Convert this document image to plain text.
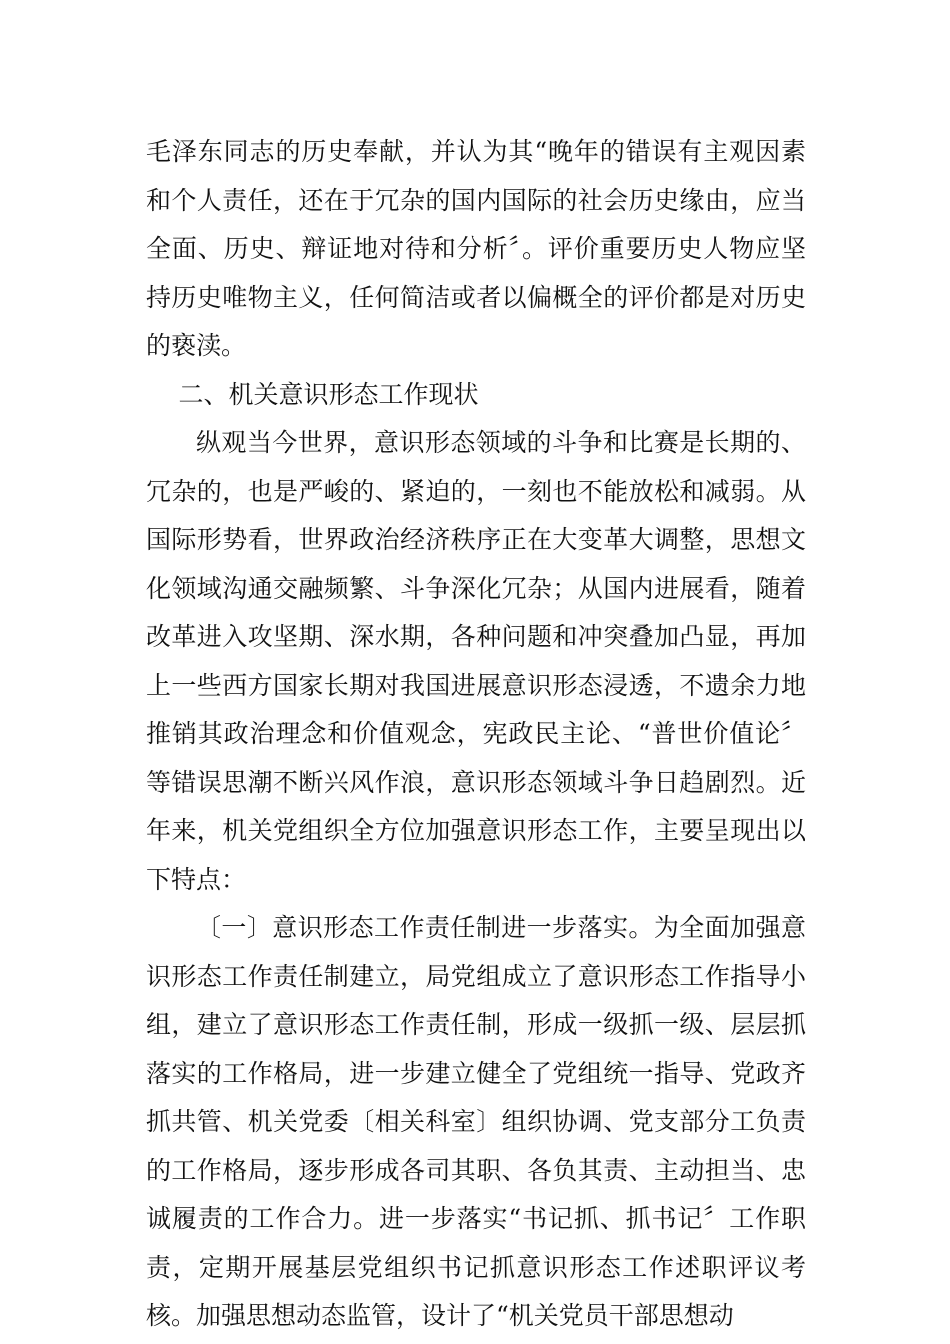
毛泽东同志的历史奉献，并认为其“晚年的错误有主观因素和个人责任，还在于冗杂的国内国际的社会历史缘由，应当全面、历史、辩证地对待和分析〞。评价重要历史人物应坚持历史唯物主义，任何简洁或者以偏概全的评价都是对历史的亵渎。

二、机关意识形态工作现状

纵观当今世界，意识形态领域的斗争和比赛是长期的、冗杂的，也是严峻的、紧迫的，一刻也不能放松和减弱。从国际形势看，世界政治经济秩序正在大变革大调整，思想文化领域沟通交融频繁、斗争深化冗杂；从国内进展看，随着改革进入攻坚期、深水期，各种问题和冲突叠加凸显，再加上一些西方国家长期对我国进展意识形态浸透，不遗余力地推销其政治理念和价值观念，宪政民主论、“普世价值论〞等错误思潮不断兴风作浪，意识形态领域斗争日趋剧烈。近年来，机关党组织全方位加强意识形态工作，主要呈现出以下特点：

〔一〕意识形态工作责任制进一步落实。为全面加强意识形态工作责任制建立，局党组成立了意识形态工作指导小组，建立了意识形态工作责任制，形成一级抓一级、层层抓落实的工作格局，进一步建立健全了党组统一指导、党政齐抓共管、机关党委〔相关科室〕组织协调、党支部分工负责的工作格局，逐步形成各司其职、各负其责、主动担当、忠诚履责的工作合力。进一步落实“书记抓、抓书记〞工作职责，定期开展基层党组织书记抓意识形态工作述职评议考核。加强思想动态监管，设计了“机关党员干部思想动
